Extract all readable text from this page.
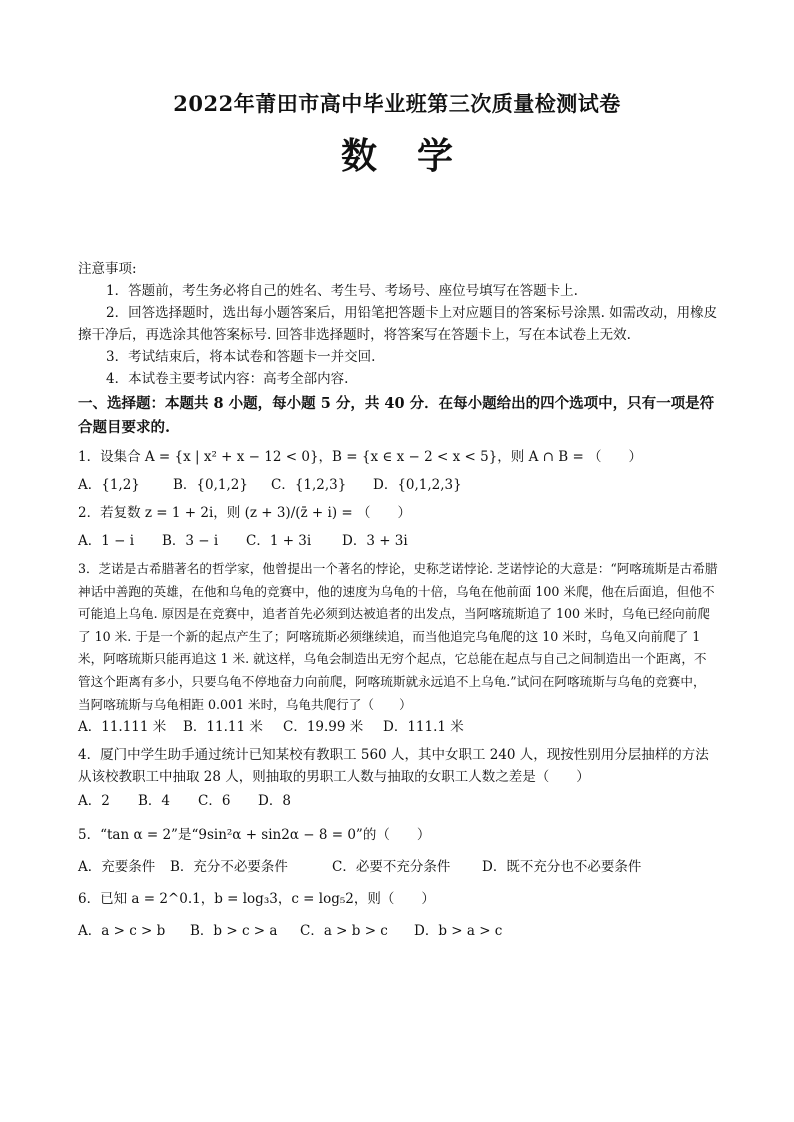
2022年莆田市高中毕业班第三次质量检测试卷
数学

注意事项:

1．答题前，考生务必将自己的姓名、考生号、考场号、座位号填写在答题卡上.

2．回答选择题时，选出每小题答案后，用铅笔把答题卡上对应题目的答案标号涂黑. 如需改动，用橡皮擦干净后，再选涂其他答案标号. 回答非选择题时，将答案写在答题卡上，写在本试卷上无效.

3．考试结束后，将本试卷和答题卡一并交回.

4．本试卷主要考试内容：高考全部内容.

一、选择题：本题共 8 小题，每小题 5 分，共 40 分．在每小题给出的四个选项中，只有一项是符合题目要求的.

1．设集合 A = {x | x² + x − 12 < 0}，B = {x ∈ x − 2 < x < 5}，则 A ∩ B = （　　）

A．{1,2}	B．{0,1,2}	C．{1,2,3}	D．{0,1,2,3}

2．若复数 z = 1 + 2i，则 (z + 3)/(z̄ + i) = （　　）

A．1 − i	B．3 − i	C．1 + 3i	D．3 + 3i

3．芝诺是古希腊著名的哲学家，他曾提出一个著名的悖论，史称芝诺悖论. 芝诺悖论的大意是：“阿喀琉斯是古希腊神话中善跑的英雄，在他和乌龟的竞赛中，他的速度为乌龟的十倍，乌龟在他前面 100 米爬，他在后面追，但他不可能追上乌龟. 原因是在竞赛中，追者首先必须到达被追者的出发点，当阿喀琉斯追了 100 米时，乌龟已经向前爬了 10 米. 于是一个新的起点产生了；阿喀琉斯必须继续追，而当他追完乌龟爬的这 10 米时，乌龟又向前爬了 1 米，阿喀琉斯只能再追这 1 米. 就这样，乌龟会制造出无穷个起点，它总能在起点与自己之间制造出一个距离，不管这个距离有多小，只要乌龟不停地奋力向前爬，阿喀琉斯就永远追不上乌龟.”试问在阿喀琉斯与乌龟的竞赛中，当阿喀琉斯与乌龟相距 0.001 米时，乌龟共爬行了（　　）

A．11.111 米	B．11.11 米	C．19.99 米	D．111.1 米

4．厦门中学生助手通过统计已知某校有教职工 560 人，其中女职工 240 人，现按性别用分层抽样的方法从该校教职工中抽取 28 人，则抽取的男职工人数与抽取的女职工人数之差是（　　）

A．2	B．4	C．6	D．8

5．“tan α = 2”是“9sin²α + sin2α − 8 = 0”的（　　）

A．充要条件	B．充分不必要条件	C．必要不充分条件	D．既不充分也不必要条件

6．已知 a = 2^0.1，b = log₃3，c = log₅2，则（　　）

A．a > c > b	B．b > c > a	C．a > b > c	D．b > a > c
